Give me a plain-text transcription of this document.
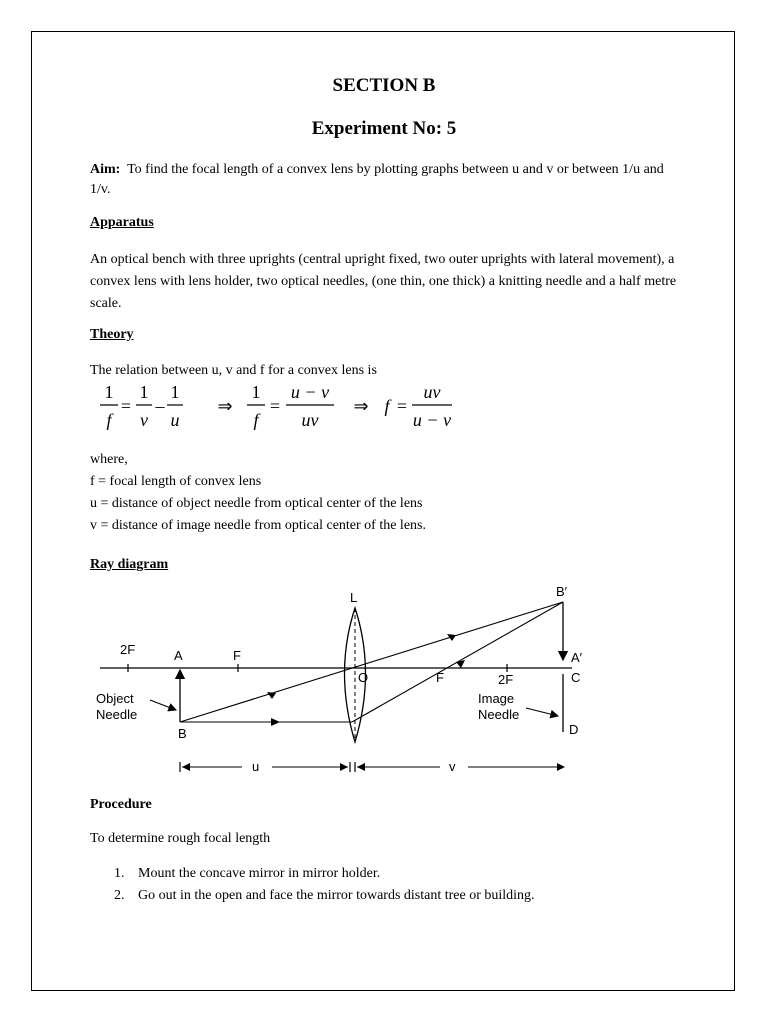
SECTION B
Experiment No: 5
Aim: To find the focal length of a convex lens by plotting graphs between u and v or between 1/u and 1/v.
Apparatus
An optical bench with three uprights (central upright fixed, two outer uprights with lateral movement), a convex lens with lens holder, two optical needles, (one thin, one thick) a knitting needle and a half metre scale.
Theory
The relation between u, v and f for a convex lens is
1
f
=
1
v
–
1
u
⇒
1
f
=
u − v
uv
⇒ f =
uv
u − v
where,
f = focal length of convex lens
u = distance of object needle from optical center of the lens
v = distance of image needle from optical center of the lens.
Ray diagram
2F	A	F
L
O
B′
A′
C
F	2F
B	D
Object
Needle
Image
Needle
u	v
Procedure
To determine rough focal length
1. Mount the concave mirror in mirror holder.
2. Go out in the open and face the mirror towards distant tree or building.
